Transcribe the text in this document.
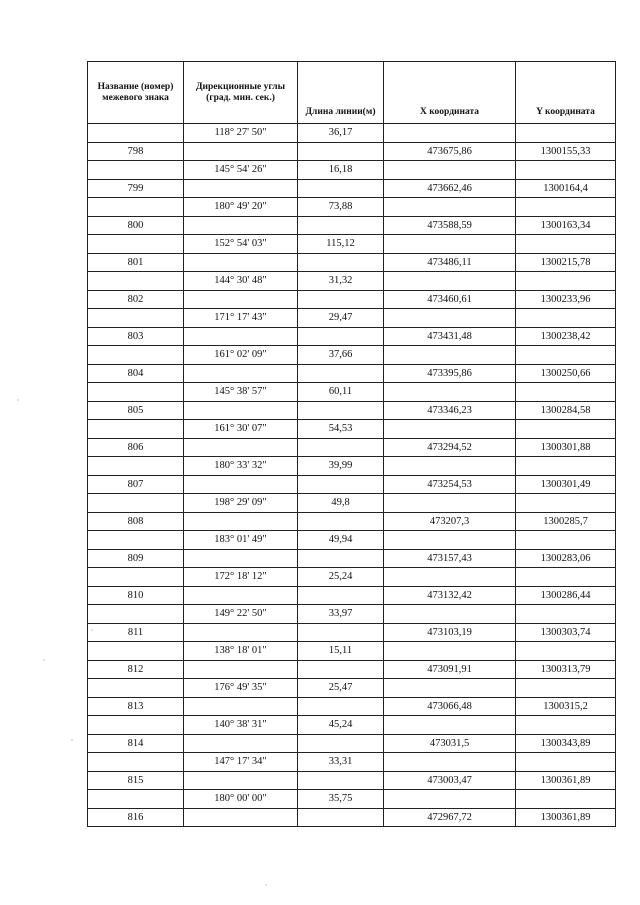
Название (номер) межевого знака	Дирекционные углы (град. мин. сек.)	Длина линии(м)	X координата	Y координата
	118° 27' 50"	36,17		
798			473675,86	1300155,33
	145° 54' 26"	16,18		
799			473662,46	1300164,4
	180° 49' 20"	73,88		
800			473588,59	1300163,34
	152° 54' 03"	115,12		
801			473486,11	1300215,78
	144° 30' 48"	31,32		
802			473460,61	1300233,96
	171° 17' 43"	29,47		
803			473431,48	1300238,42
	161° 02' 09"	37,66		
804			473395,86	1300250,66
	145° 38' 57"	60,11		
805			473346,23	1300284,58
	161° 30' 07"	54,53		
806			473294,52	1300301,88
	180° 33' 32"	39,99		
807			473254,53	1300301,49
	198° 29' 09"	49,8		
808			473207,3	1300285,7
	183° 01' 49"	49,94		
809			473157,43	1300283,06
	172° 18' 12"	25,24		
810			473132,42	1300286,44
	149° 22' 50"	33,97		
811			473103,19	1300303,74
	138° 18' 01"	15,11		
812			473091,91	1300313,79
	176° 49' 35"	25,47		
813			473066,48	1300315,2
	140° 38' 31"	45,24		
814			473031,5	1300343,89
	147° 17' 34"	33,31		
815			473003,47	1300361,89
	180° 00' 00"	35,75		
816			472967,72	1300361,89
